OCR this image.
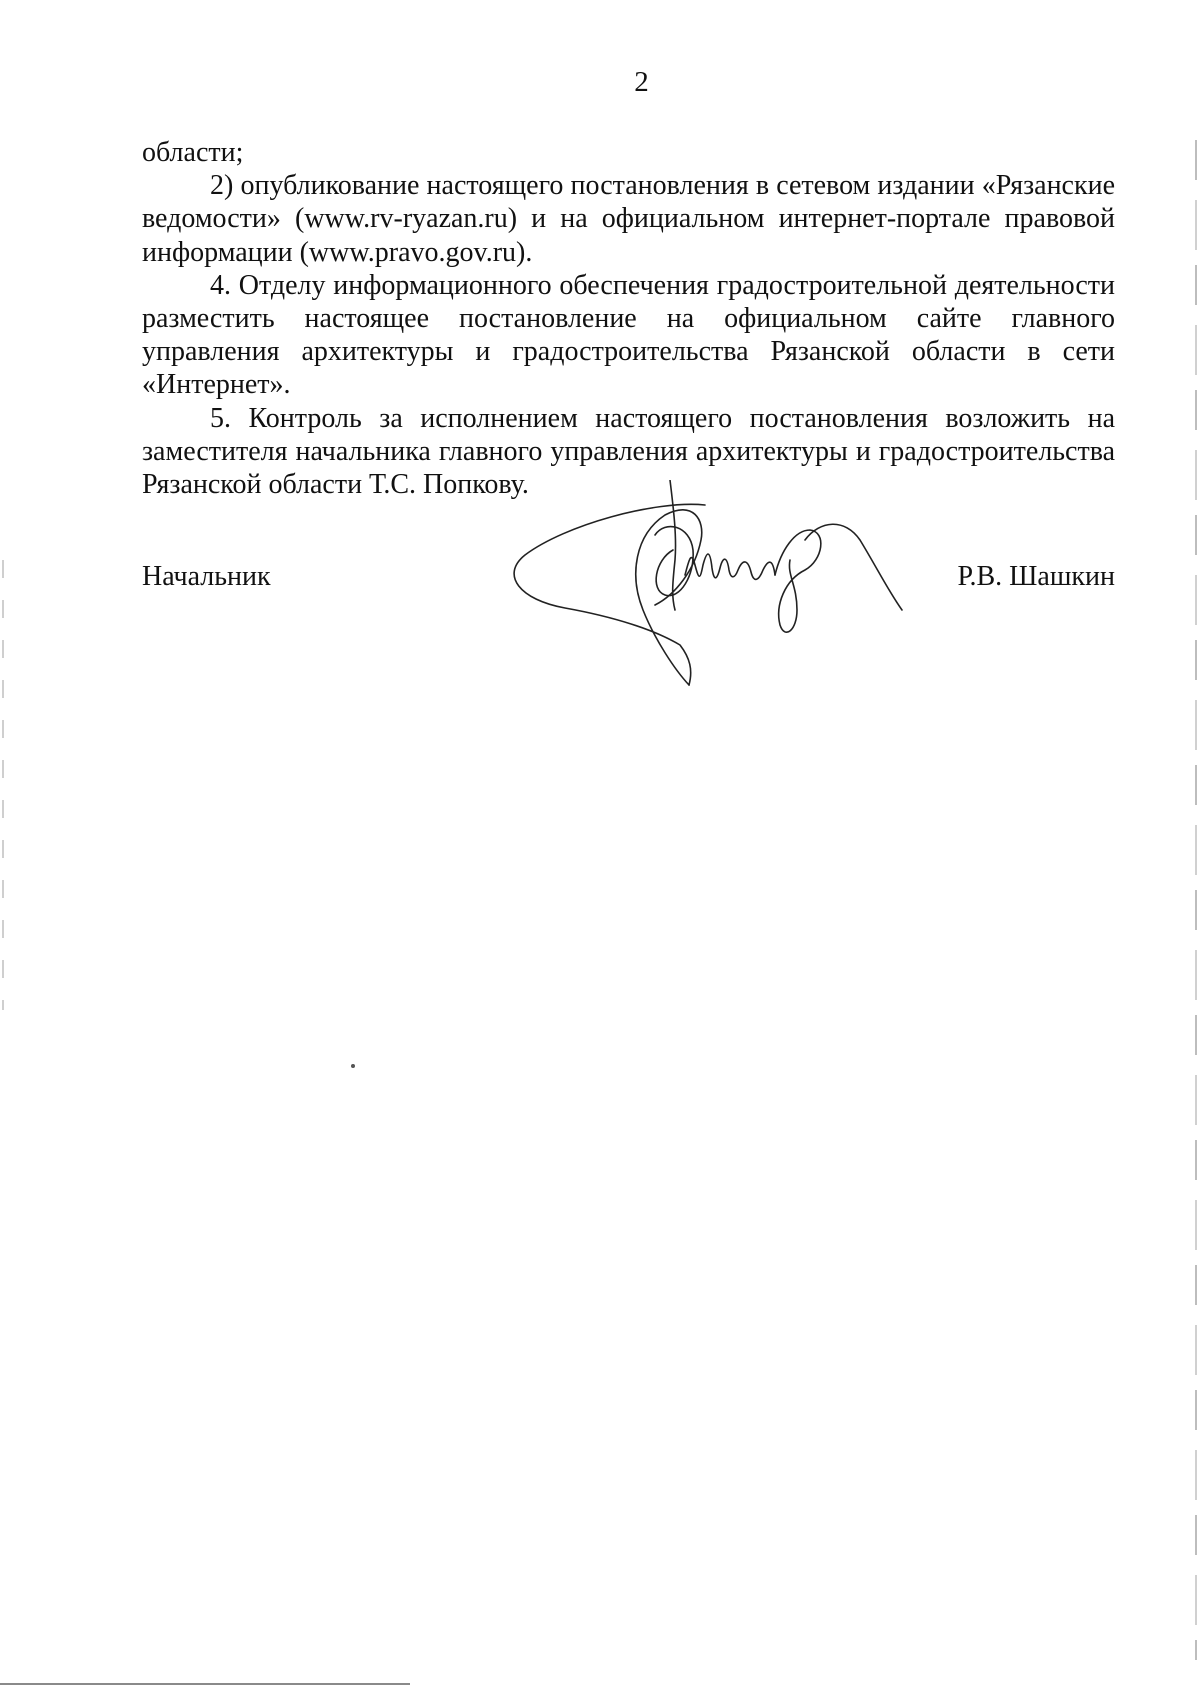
2

области;

2) опубликование настоящего постановления в сетевом издании «Рязанские ведомости» (www.rv-ryazan.ru) и на официальном интернет-портале правовой информации (www.pravo.gov.ru).

4. Отделу информационного обеспечения градостроительной деятельности разместить настоящее постановление на официальном сайте главного управления архитектуры и градостроительства Рязанской области в сети «Интернет».

5. Контроль за исполнением настоящего постановления возложить на заместителя начальника главного управления архитектуры и градостроительства Рязанской области Т.С. Попкову.

Начальник	Р.В. Шашкин
